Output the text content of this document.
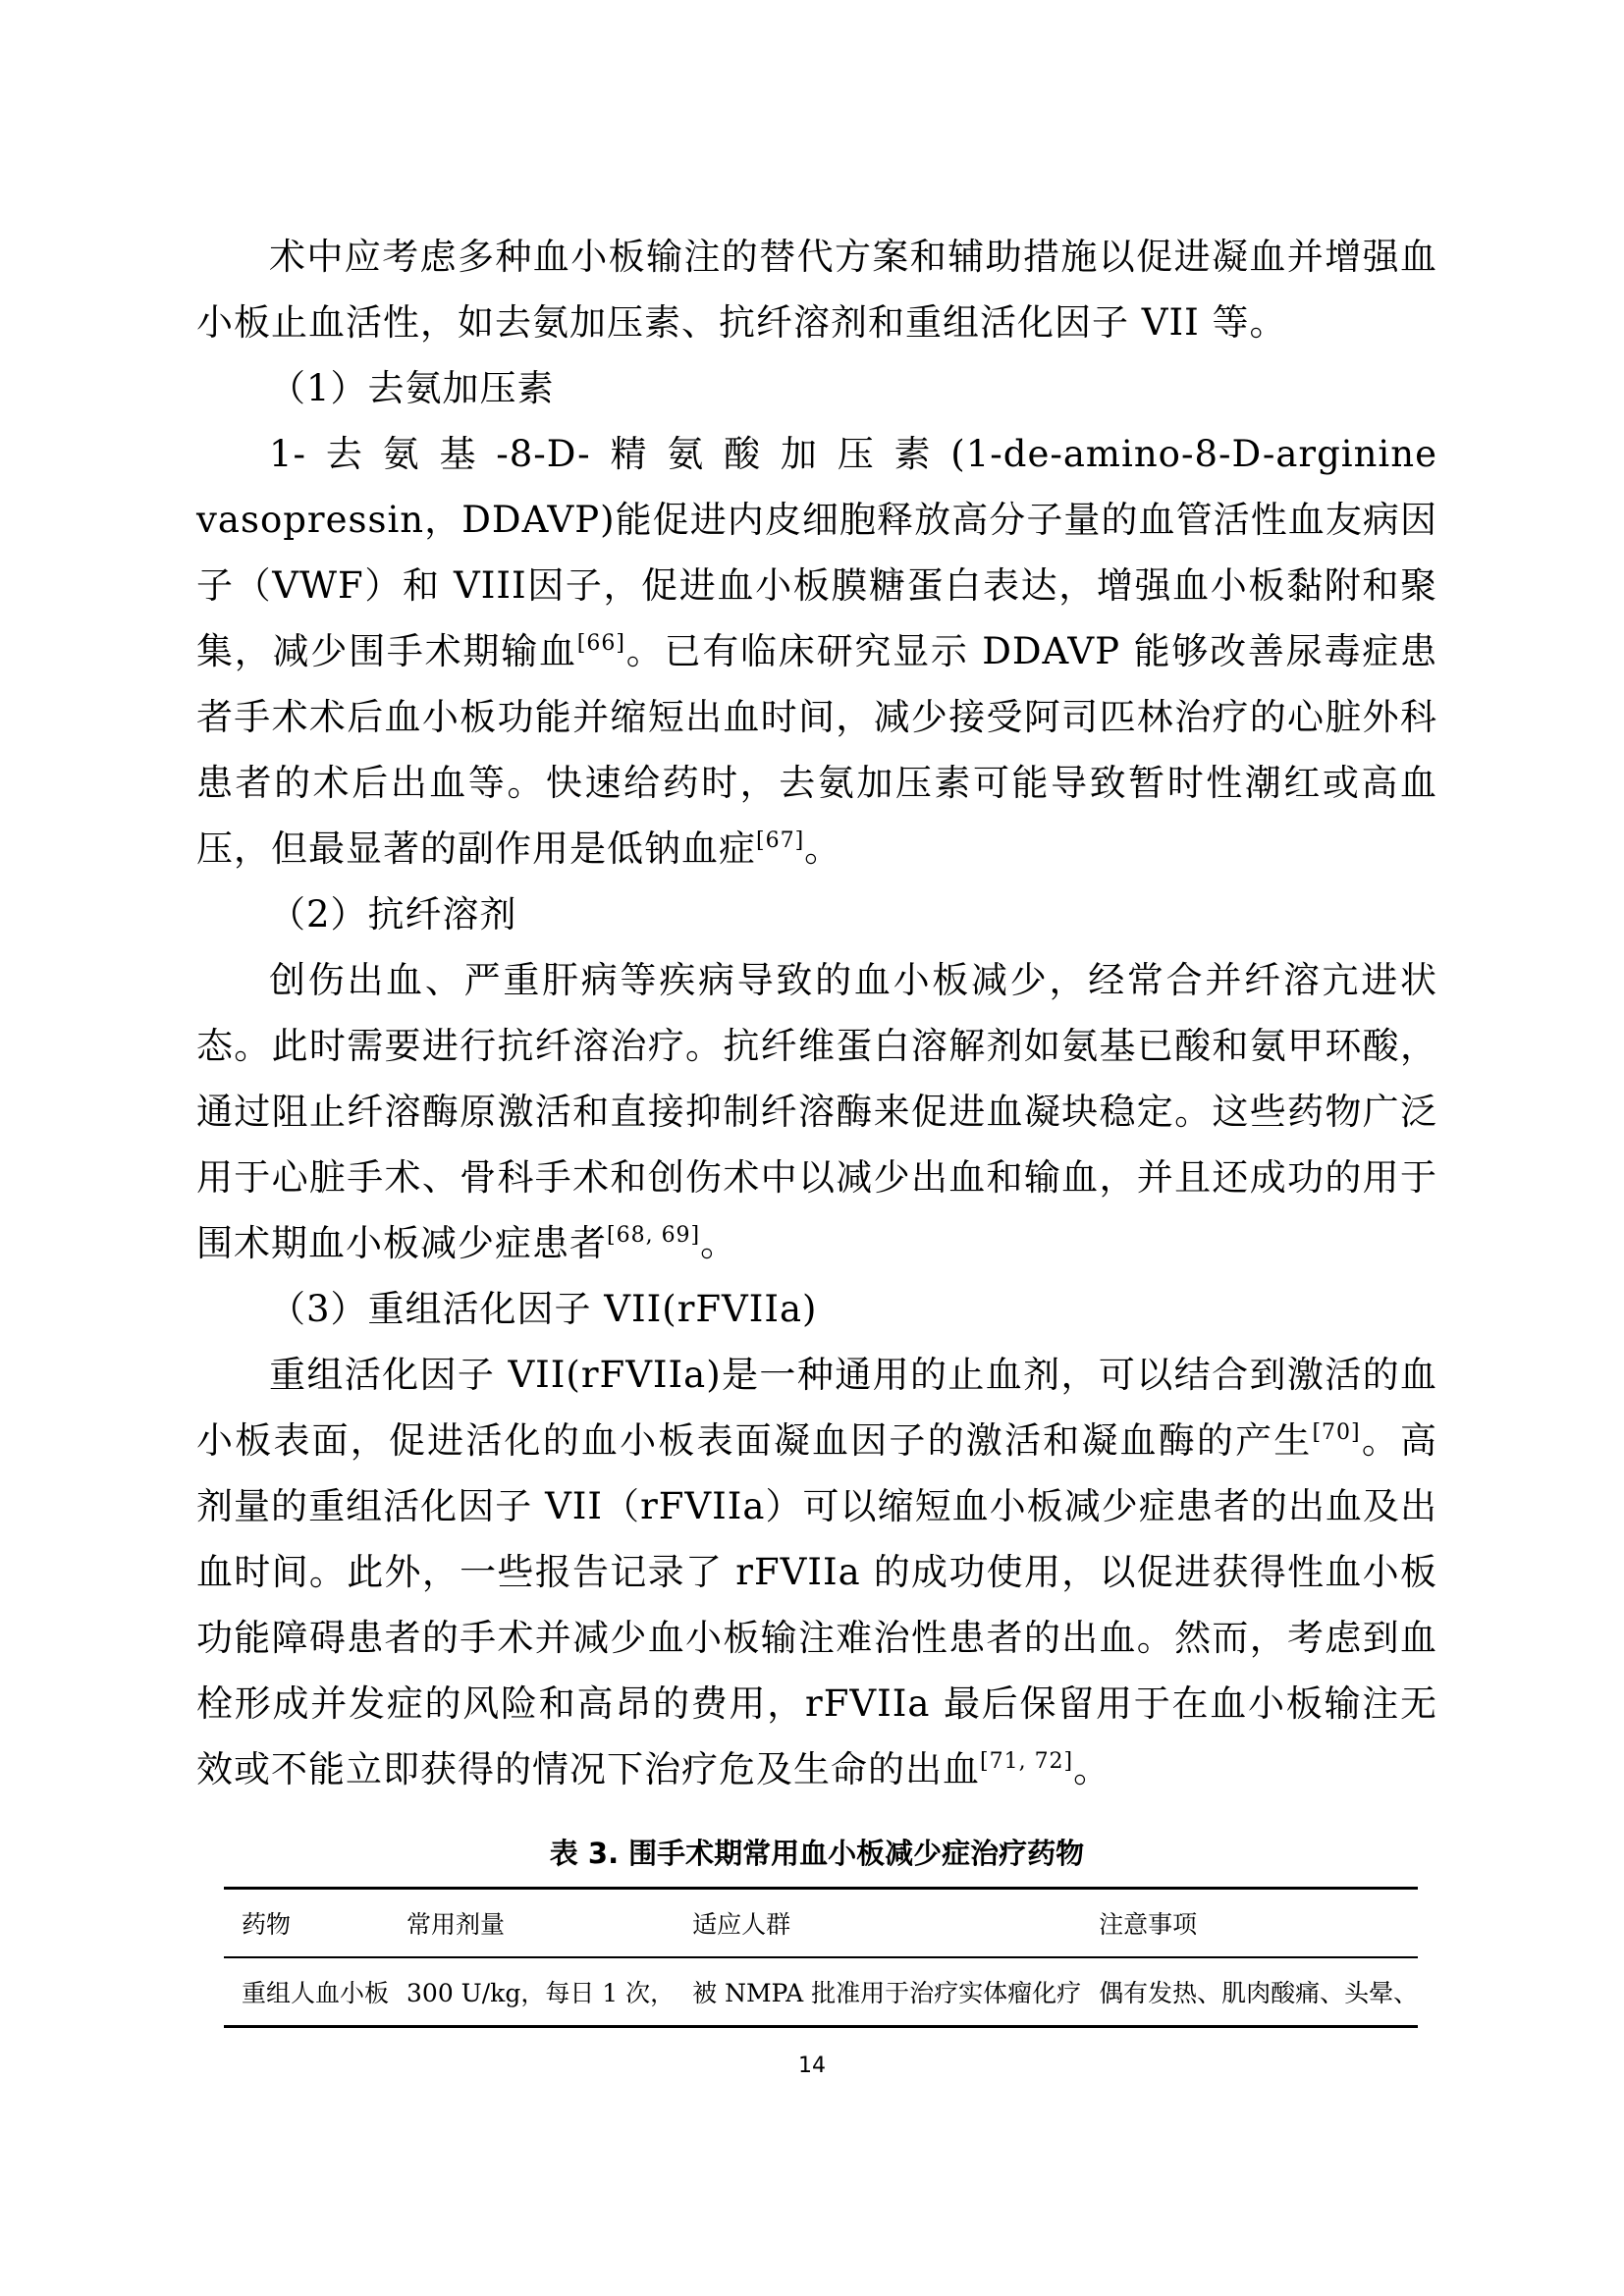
术中应考虑多种血小板输注的替代方案和辅助措施以促进凝血并增强血小板止血活性，如去氨加压素、抗纤溶剂和重组活化因子 VII 等。

（1）去氨加压素

1-去氨基-8-D-精氨酸加压素(1-de-amino-8-D-arginine vasopressin，DDAVP)能促进内皮细胞释放高分子量的血管活性血友病因子（VWF）和 VIII因子，促进血小板膜糖蛋白表达，增强血小板黏附和聚集，减少围手术期输血[66]。已有临床研究显示 DDAVP 能够改善尿毒症患者手术术后血小板功能并缩短出血时间，减少接受阿司匹林治疗的心脏外科患者的术后出血等。快速给药时，去氨加压素可能导致暂时性潮红或高血压，但最显著的副作用是低钠血症[67]。

（2）抗纤溶剂

创伤出血、严重肝病等疾病导致的血小板减少，经常合并纤溶亢进状态。此时需要进行抗纤溶治疗。抗纤维蛋白溶解剂如氨基已酸和氨甲环酸，通过阻止纤溶酶原激活和直接抑制纤溶酶来促进血凝块稳定。这些药物广泛用于心脏手术、骨科手术和创伤术中以减少出血和输血，并且还成功的用于围术期血小板减少症患者[68, 69]。

（3）重组活化因子 VII(rFVIIa)

重组活化因子 VII(rFVIIa)是一种通用的止血剂，可以结合到激活的血小板表面，促进活化的血小板表面凝血因子的激活和凝血酶的产生[70]。高剂量的重组活化因子 VII（rFVIIa）可以缩短血小板减少症患者的出血及出血时间。此外，一些报告记录了 rFVIIa 的成功使用，以促进获得性血小板功能障碍患者的手术并减少血小板输注难治性患者的出血。然而，考虑到血栓形成并发症的风险和高昂的费用，rFVIIa 最后保留用于在血小板输注无效或不能立即获得的情况下治疗危及生命的出血[71, 72]。

表 3. 围手术期常用血小板减少症治疗药物

药物	常用剂量	适应人群	注意事项
重组人血小板	300 U/kg，每日 1 次，	被 NMPA 批准用于治疗实体瘤化疗	偶有发热、肌肉酸痛、头晕、
14
